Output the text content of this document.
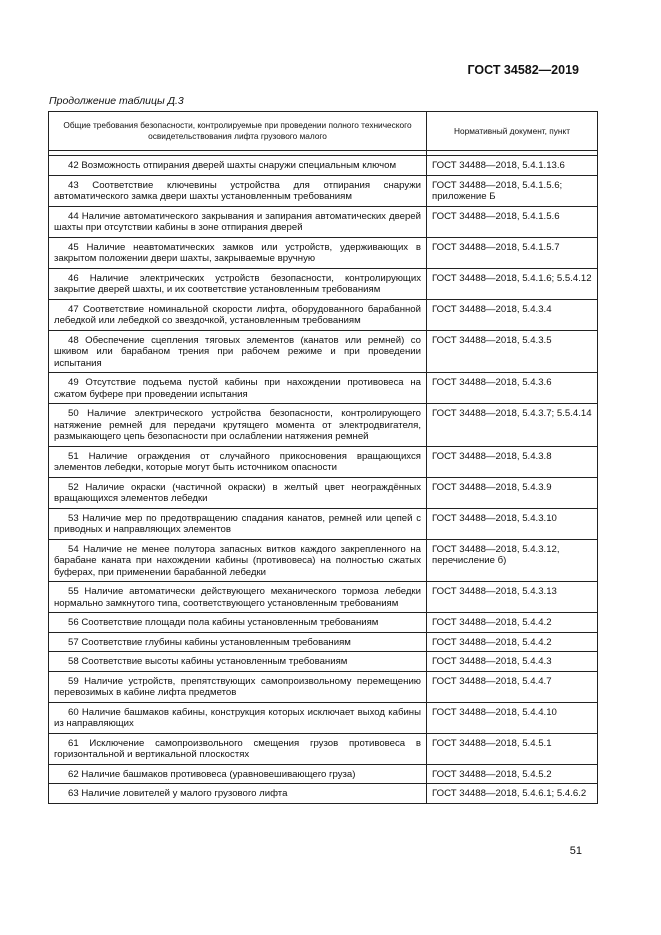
ГОСТ 34582—2019
Продолжение таблицы Д.3
Общие требования безопасности, контролируемые при проведении полного технического освидетельствования лифта грузового малого	Нормативный документ, пункт

42 Возможность отпирания дверей шахты снаружи специальным ключом	ГОСТ 34488—2018, 5.4.1.13.6
43 Соответствие ключевины устройства для отпирания снаружи автоматического замка двери шахты установленным требованиям	ГОСТ 34488—2018, 5.4.1.5.6; приложение Б
44 Наличие автоматического закрывания и запирания автоматических дверей шахты при отсутствии кабины в зоне отпирания дверей	ГОСТ 34488—2018, 5.4.1.5.6
45 Наличие неавтоматических замков или устройств, удерживающих в закрытом положении двери шахты, закрываемые вручную	ГОСТ 34488—2018, 5.4.1.5.7
46 Наличие электрических устройств безопасности, контролирующих закрытие дверей шахты, и их соответствие установленным требованиям	ГОСТ 34488—2018, 5.4.1.6; 5.5.4.12
47 Соответствие номинальной скорости лифта, оборудованного барабанной лебедкой или лебедкой со звездочкой, установленным требованиям	ГОСТ 34488—2018, 5.4.3.4
48 Обеспечение сцепления тяговых элементов (канатов или ремней) со шкивом или барабаном трения при рабочем режиме и при проведении испытания	ГОСТ 34488—2018, 5.4.3.5
49 Отсутствие подъема пустой кабины при нахождении противовеса на сжатом буфере при проведении испытания	ГОСТ 34488—2018, 5.4.3.6
50 Наличие электрического устройства безопасности, контролирующего натяжение ремней для передачи крутящего момента от электродвигателя, размыкающего цепь безопасности при ослаблении натяжения ремней	ГОСТ 34488—2018, 5.4.3.7; 5.5.4.14
51 Наличие ограждения от случайного прикосновения вращающихся элементов лебедки, которые могут быть источником опасности	ГОСТ 34488—2018, 5.4.3.8
52 Наличие окраски (частичной окраски) в желтый цвет неограждённых вращающихся элементов лебедки	ГОСТ 34488—2018, 5.4.3.9
53 Наличие мер по предотвращению спадания канатов, ремней или цепей с приводных и направляющих элементов	ГОСТ 34488—2018, 5.4.3.10
54 Наличие не менее полутора запасных витков каждого закрепленного на барабане каната при нахождении кабины (противовеса) на полностью сжатых буферах, при применении барабанной лебедки	ГОСТ 34488—2018, 5.4.3.12, перечисление б)
55 Наличие автоматически действующего механического тормоза лебедки нормально замкнутого типа, соответствующего установленным требованиям	ГОСТ 34488—2018, 5.4.3.13
56 Соответствие площади пола кабины установленным требованиям	ГОСТ 34488—2018, 5.4.4.2
57 Соответствие глубины кабины установленным требованиям	ГОСТ 34488—2018, 5.4.4.2
58 Соответствие высоты кабины установленным требованиям	ГОСТ 34488—2018, 5.4.4.3
59 Наличие устройств, препятствующих самопроизвольному перемещению перевозимых в кабине лифта предметов	ГОСТ 34488—2018, 5.4.4.7
60 Наличие башмаков кабины, конструкция которых исключает выход кабины из направляющих	ГОСТ 34488—2018, 5.4.4.10
61 Исключение самопроизвольного смещения грузов противовеса в горизонтальной и вертикальной плоскостях	ГОСТ 34488—2018, 5.4.5.1
62 Наличие башмаков противовеса (уравновешивающего груза)	ГОСТ 34488—2018, 5.4.5.2
63 Наличие ловителей у малого грузового лифта	ГОСТ 34488—2018, 5.4.6.1; 5.4.6.2
51
